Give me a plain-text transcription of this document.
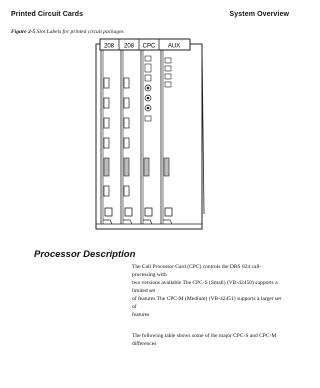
Printed Circuit Cards	System Overview
Figure 2-5 Slot Labels for printed circuit packages
208 208 CPC AUX
Processor Description
The Call Processor Card (CPC) controls the DBS 824 call-processing with
two versions available The CPC-S (Small) (VB-42450) supports a limited set
of features The CPC-M (Medium) (VB-42451) supports a larger set of
features
The following table shows some of the major CPC-S and CPC-M differences
